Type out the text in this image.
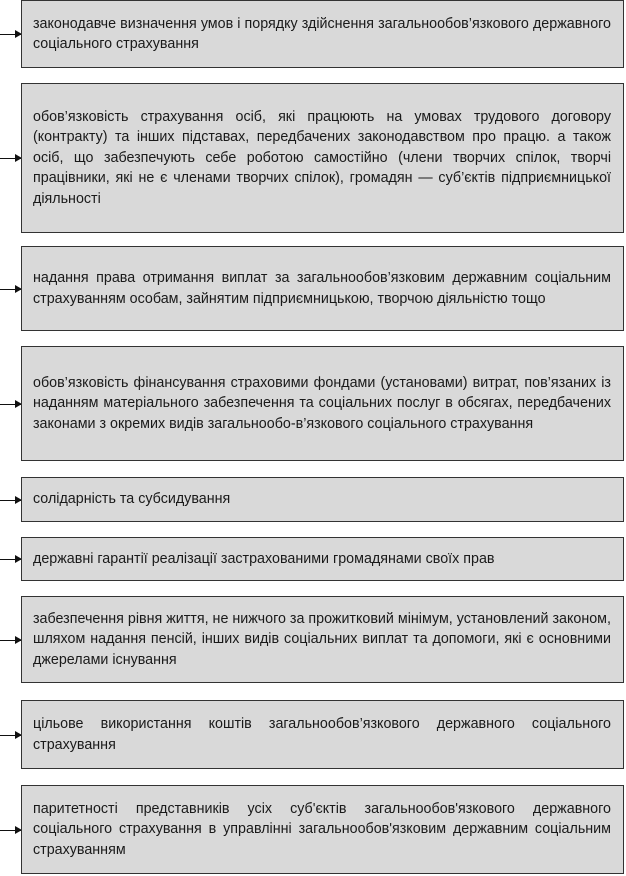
законодавче визначення умов і порядку здійснення загальнообов’язкового державного соціального страхування
обов’язковість страхування осіб, які працюють на умовах трудового договору (контракту) та інших підставах, передбачених законодавством про працю. а також осіб, що забезпечують себе роботою самостійно (члени творчих спілок, творчі працівники, які не є членами творчих спілок), громадян — суб’єктів підприємницької діяльності
надання права отримання виплат за загальнообов’язковим державним соціальним страхуванням особам, зайнятим підприємницькою, творчою діяльністю тощо
обов’язковість фінансування страховими фондами (установами) витрат, пов’язаних із наданням матеріального забезпечення та соціальних послуг в обсягах, передбачених законами з окремих видів загальнообо-в’язкового соціального страхування
солідарність та субсидування
державні гарантії реалізації застрахованими громадянами своїх прав
забезпечення рівня життя, не нижчого за прожитковий мінімум, установлений законом, шляхом надання пенсій, інших видів соціальних виплат та допомоги, які є основними джерелами існування
цільове використання коштів загальнообов’язкового державного соціального страхування
паритетності представників усіх суб'єктів загальнообов'язкового державного соціального страхування в управлінні загальнообов'язковим державним соціальним страхуванням
